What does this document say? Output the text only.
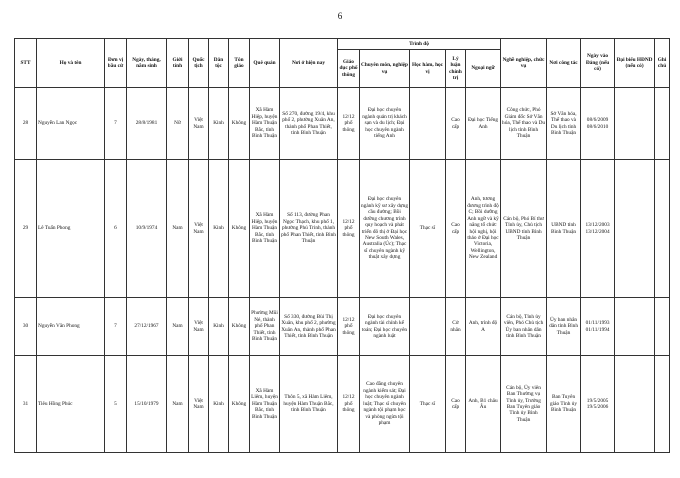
6
STT	Họ và tên	Đơn vị bầu cử	Ngày, tháng, năm sinh	Giới tính	Quốc tịch	Dân tộc	Tôn giáo	Quê quán	Nơi ở hiện nay	Trình độ					Nghề nghiệp, chức vụ	Nơi công tác	Ngày vào Đảng (nếu có)	Đại biểu HĐND (nếu có)	Ghi chú
										Giáo dục phổ thông	Chuyên môn, nghiệp vụ	Học hàm, học vị	Lý luận chính trị	Ngoại ngữ					
28	Nguyễn Lan Ngọc	7	28/8/1981	Nữ	Việt Nam	Kinh	Không	Xã Hàm Hiệp, huyện Hàm Thuận Bắc, tỉnh Bình Thuận	Số 270, đường 19/4, khu phố 2, phường Xuân An, thành phố Phan Thiết, tỉnh Bình Thuận	12/12 phổ thông	Đại học chuyên ngành quản trị khách sạn và du lịch; Đại học chuyên ngành tiếng Anh		Cao cấp	Đại học Tiếng Anh	Công chức, Phó Giám đốc Sở Văn hóa, Thể thao và Du lịch tỉnh Bình Thuận	Sở Văn hóa, Thể thao và Du lịch tỉnh Bình Thuận	08/6/2009 08/6/2010		
29	Lê Tuấn Phong	6	10/9/1974	Nam	Việt Nam	Kinh	Không	Xã Hàm Hiệp, huyện Hàm Thuận Bắc, tỉnh Bình Thuận	Số 113, đường Phan Ngọc Thạch, khu phố 1, phường Phú Trinh, thành phố Phan Thiết, tỉnh Bình Thuận	12/12 phổ thông	Đại học chuyên ngành kỹ sư xây dựng cầu đường; Bồi dưỡng chương trình quy hoạch và phát triển đô thị ở Đại học New South Wales, Australia (Úc); Thạc sĩ chuyên ngành kỹ thuật xây dựng	Thạc sĩ	Cao cấp	Anh, tương đương trình độ C; Bồi dưỡng Anh ngữ và kỹ năng tổ chức hội nghị, hội thảo ở Đại học Victoria, Wellington, New Zealand	Cán bộ, Phó Bí thư Tỉnh ủy, Chủ tịch UBND tỉnh Bình Thuận	UBND tỉnh Bình Thuận	13/12/2003 13/12/2004		
30	Nguyễn Văn Phong	7	27/12/1967	Nam	Việt Nam	Kinh	Không	Phường Mũi Né, thành phố Phan Thiết, tỉnh Bình Thuận	Số 330, đường Bùi Thị Xuân, khu phố 2, phường Xuân An, thành phố Phan Thiết, tỉnh Bình Thuận	12/12 phổ thông	Đại học chuyên ngành tài chính kế toán; Đại học chuyên ngành luật		Cử nhân	Anh, trình độ A	Cán bộ, Tỉnh ủy viên, Phó Chủ tịch Ủy ban nhân dân tỉnh Bình Thuận	Ủy ban nhân dân tỉnh Bình Thuận	01/11/1993 01/11/1994		
31	Tiêu Hồng Phúc	5	15/10/1979	Nam	Việt Nam	Kinh	Không	Xã Hàm Liêm, huyện Hàm Thuận Bắc, tỉnh Bình Thuận	Thôn 5, xã Hàm Liêm, huyện Hàm Thuận Bắc, tỉnh Bình Thuận	12/12 phổ thông	Cao đẳng chuyên ngành kiểm sát; Đại học chuyên ngành luật; Thạc sĩ chuyên ngành tội phạm học và phòng ngừa tội phạm	Thạc sĩ	Cao cấp	Anh, B1 châu Âu	Cán bộ, Ủy viên Ban Thường vụ Tỉnh ủy, Trưởng Ban Tuyên giáo Tỉnh ủy Bình Thuận	Ban Tuyên giáo Tỉnh ủy Bình Thuận	19/5/2005 19/5/2006		
